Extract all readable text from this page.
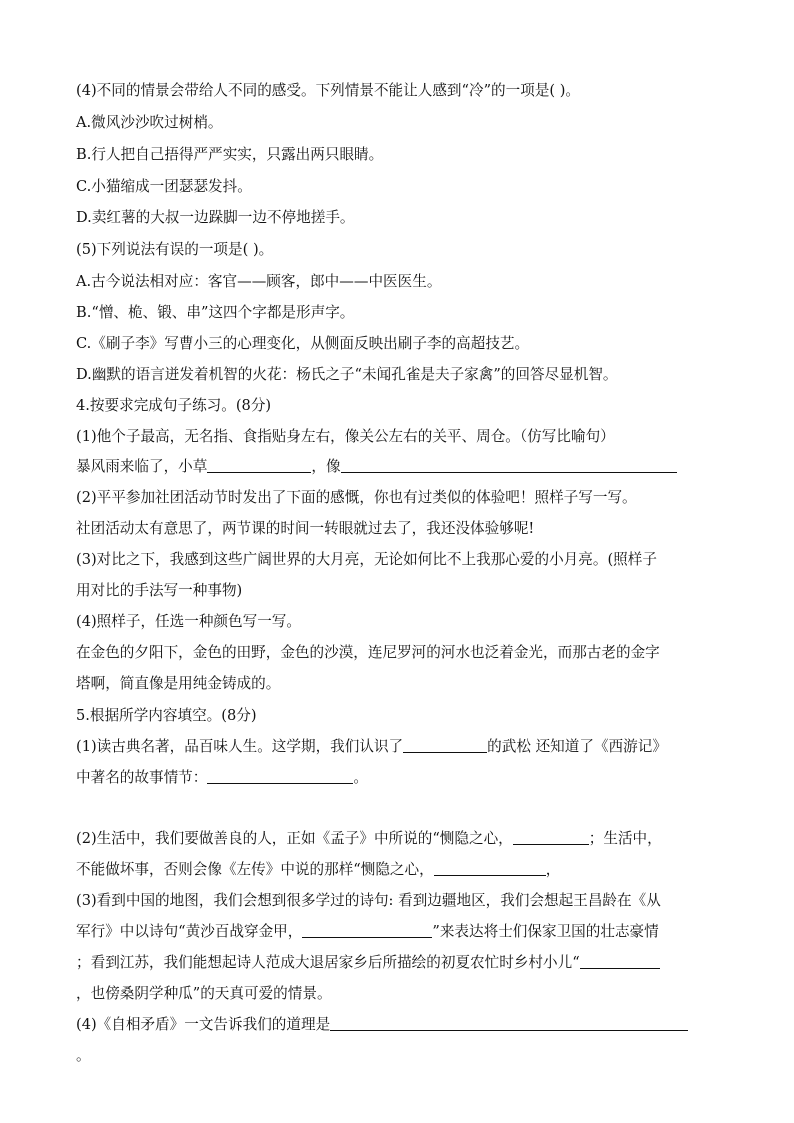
(4)不同的情景会带给人不同的感受。下列情景不能让人感到“冷”的一项是( )。
A.微风沙沙吹过树梢。
B.行人把自己捂得严严实实，只露出两只眼睛。
C.小猫缩成一团瑟瑟发抖。
D.卖红薯的大叔一边跺脚一边不停地搓手。
(5)下列说法有误的一项是( )。
A.古今说法相对应：客官——顾客，郎中——中医医生。
B.“憎、桅、锻、串”这四个字都是形声字。
C.《刷子李》写曹小三的心理变化，从侧面反映出刷子李的高超技艺。
D.幽默的语言迸发着机智的火花：杨氏之子“未闻孔雀是夫子家禽”的回答尽显机智。
4.按要求完成句子练习。(8分)
(1)他个子最高，无名指、食指贴身左右，像关公左右的关平、周仓。（仿写比喻句）
暴风雨来临了，小草	，像
(2)平平参加社团活动节时发出了下面的感慨，你也有过类似的体验吧！照样子写一写。
社团活动太有意思了，两节课的时间一转眼就过去了，我还没体验够呢!
(3)对比之下，我感到这些广阔世界的大月亮，无论如何比不上我那心爱的小月亮。(照样子
用对比的手法写一种事物)
(4)照样子，任选一种颜色写一写。
在金色的夕阳下，金色的田野，金色的沙漠，连尼罗河的河水也泛着金光，而那古老的金字
塔啊，简直像是用纯金铸成的。
5.根据所学内容填空。(8分)
(1)读古典名著，品百味人生。这学期，我们认识了	的武松 还知道了《西游记》
中著名的故事情节：	。
(2)生活中，我们要做善良的人，正如《孟子》中所说的“恻隐之心，	；生活中，
不能做坏事，否则会像《左传》中说的那样“恻隐之心，	，
(3)看到中国的地图，我们会想到很多学过的诗句: 看到边疆地区，我们会想起王昌龄在《从
军行》中以诗句“黄沙百战穿金甲，	”来表达将士们保家卫国的壮志豪情
；看到江苏，我们能想起诗人范成大退居家乡后所描绘的初夏农忙时乡村小儿“
，也傍桑阴学种瓜”的天真可爱的情景。
(4)《自相矛盾》一文告诉我们的道理是
。
